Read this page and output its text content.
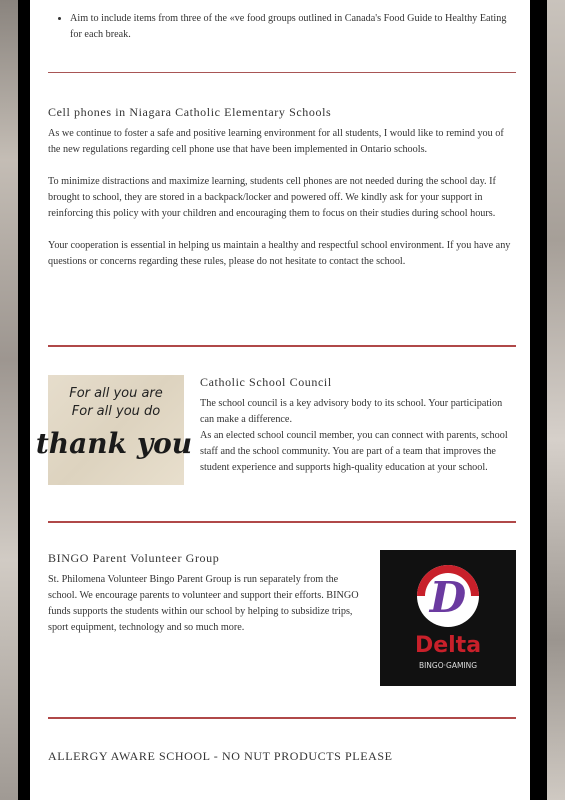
• Aim to include items from three of the «ve food groups outlined in Canada's Food Guide to Healthy Eating for each break.
Cell phones in Niagara Catholic Elementary Schools

As we continue to foster a safe and positive learning environment for all students, I would like to remind you of the new regulations regarding cell phone use that have been implemented in Ontario schools.

To minimize distractions and maximize learning, students cell phones are not needed during the school day. If brought to school, they are stored in a backpack/locker and powered off. We kindly ask for your support in reinforcing this policy with your children and encouraging them to focus on their studies during school hours.

Your cooperation is essential in helping us maintain a healthy and respectful school environment. If you have any questions or concerns regarding these rules, please do not hesitate to contact the school.

For all you are
For all you do
thank you
Catholic School Council

The school council is a key advisory body to its school. Your participation can make a difference.

As an elected school council member, you can connect with parents, school staff and the school community. You are part of a team that improves the student experience and supports high-quality education at your school.

BINGO Parent Volunteer Group

St. Philomena Volunteer Bingo Parent Group is run separately from the school. We encourage parents to volunteer and support their efforts. BINGO funds supports the students within our school by helping to subsidize trips, sport equipment, technology and so much more.

D
Delta
BINGO·GAMING
ALLERGY AWARE SCHOOL - NO NUT PRODUCTS PLEASE
